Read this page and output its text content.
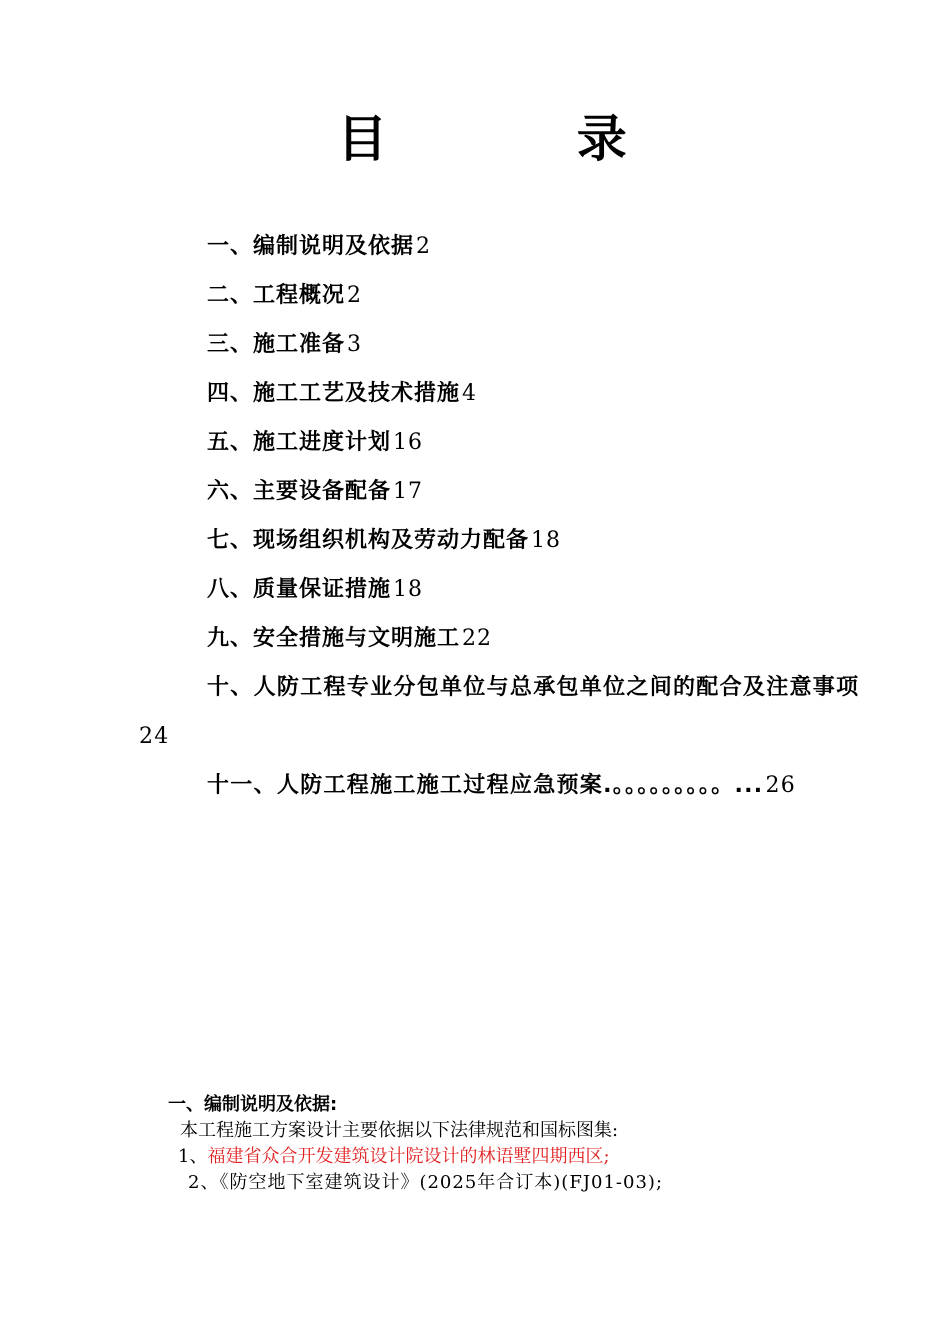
目 录
一、编制说明及依据2
二、工程概况2
三、施工准备3
四、施工工艺及技术措施4
五、施工进度计划16
六、主要设备配备17
七、现场组织机构及劳动力配备18
八、质量保证措施18
九、安全措施与文明施工22
十、人防工程专业分包单位与总承包单位之间的配合及注意事项24
十一、人防工程施工施工过程应急预案.。。。。。。。。。...26

一、编制说明及依据:

本工程施工方案设计主要依据以下法律规范和国标图集:

1、福建省众合开发建筑设计院设计的林语墅四期西区;

2、《防空地下室建筑设计》(2025年合订本)(FJ01-03);
